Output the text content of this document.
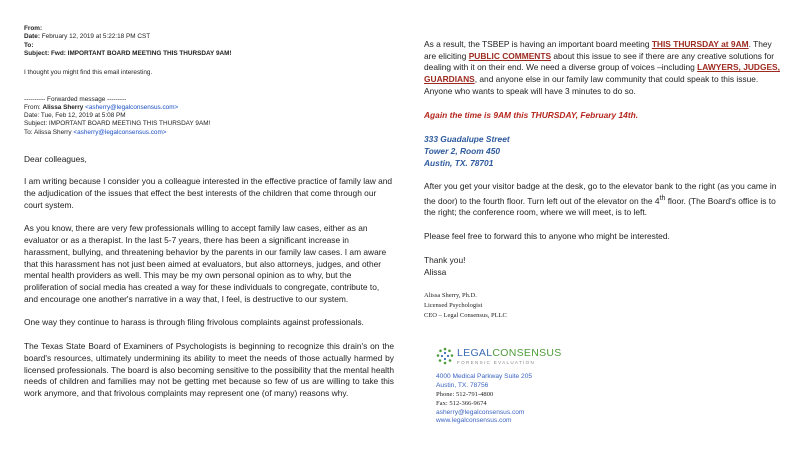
From:
Date: February 12, 2019 at 5:22:18 PM CST
To:
Subject: Fwd: IMPORTANT BOARD MEETING THIS THURSDAY 9AM!
I thought you might find this email interesting.
---------- Forwarded message ---------
From: Alissa Sherry <asherry@legalconsensus.com>
Date: Tue, Feb 12, 2019 at 5:08 PM
Subject: IMPORTANT BOARD MEETING THIS THURSDAY 9AM!
To: Alissa Sherry <asherry@legalconsensus.com>

Dear colleagues,

I am writing because I consider you a colleague interested in the effective practice of family law and the adjudication of the issues that effect the best interests of the children that come through our court system.

As you know, there are very few professionals willing to accept family law cases, either as an evaluator or as a therapist. In the last 5-7 years, there has been a significant increase in harassment, bullying, and threatening behavior by the parents in our family law cases. I am aware that this harassment has not just been aimed at evaluators, but also attorneys, judges, and other mental health providers as well. This may be my own personal opinion as to why, but the proliferation of social media has created a way for these individuals to congregate, contribute to, and encourage one another's narrative in a way that, I feel, is destructive to our system.

One way they continue to harass is through filing frivolous complaints against professionals.

The Texas State Board of Examiners of Psychologists is beginning to recognize this drain's on the board's resources, ultimately undermining its ability to meet the needs of those actually harmed by licensed professionals. The board is also becoming sensitive to the possibility that the mental health needs of children and families may not be getting met because so few of us are willing to take this work anymore, and that frivolous complaints may represent one (of many) reasons why.

As a result, the TSBEP is having an important board meeting THIS THURSDAY at 9AM. They are eliciting PUBLIC COMMENTS about this issue to see if there are any creative solutions for dealing with it on their end. We need a diverse group of voices –including LAWYERS, JUDGES, GUARDIANS, and anyone else in our family law community that could speak to this issue. Anyone who wants to speak will have 3 minutes to do so.

Again the time is 9AM this THURSDAY, February 14th.

333 Guadalupe Street
Tower 2, Room 450
Austin, TX. 78701

After you get your visitor badge at the desk, go to the elevator bank to the right (as you came in the door) to the fourth floor. Turn left out of the elevator on the 4th floor. (The Board's office is to the right; the conference room, where we will meet, is to left.

Please feel free to forward this to anyone who might be interested.

Thank you!
Alissa
Alissa Sherry, Ph.D.
Licensed Psychologist
CEO – Legal Consensus, PLLC
LEGALCONSENSUS
FORENSIC EVALUATION
4000 Medical Parkway Suite 205
Austin, TX. 78756
Phone: 512-791-4800
Fax: 512-366-9674
asherry@legalconsensus.com
www.legalconsensus.com
